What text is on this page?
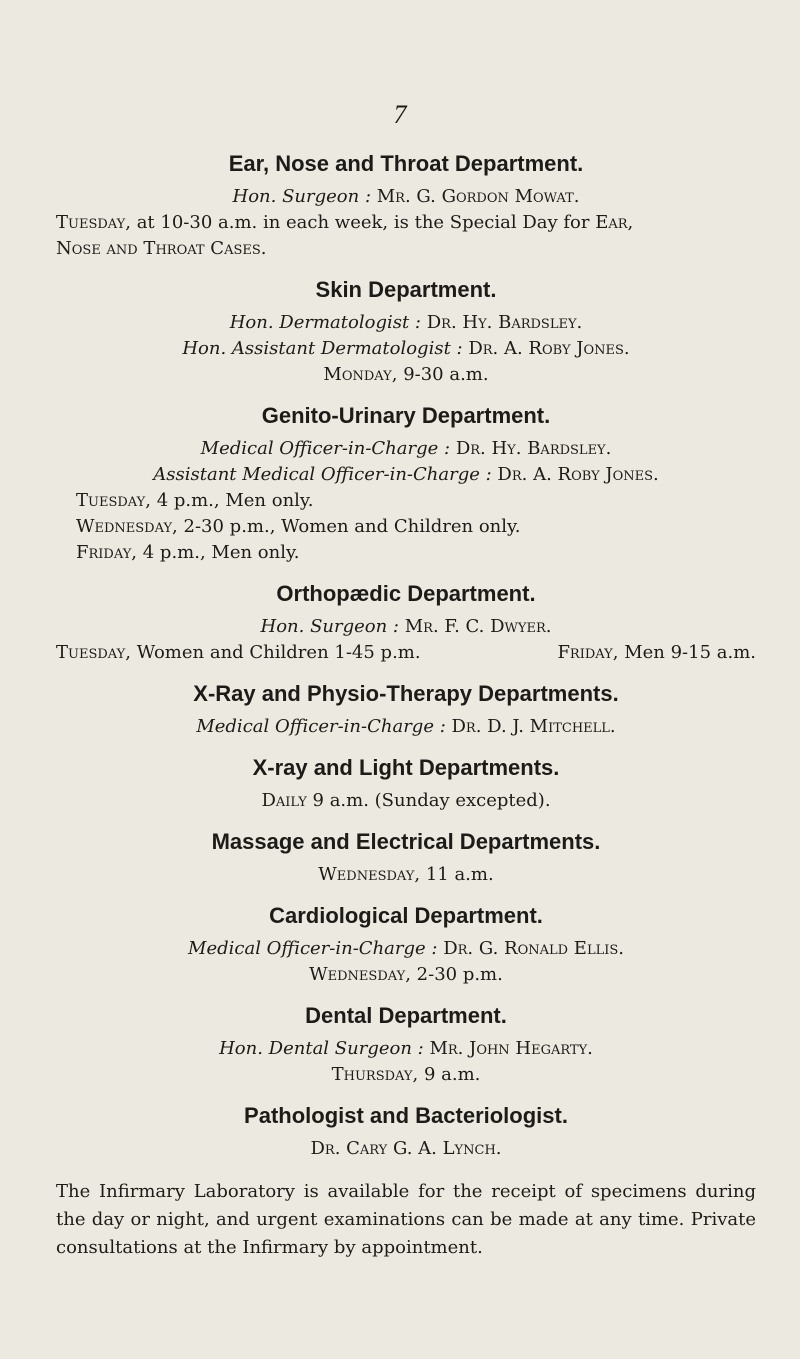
7
Ear, Nose and Throat Department.
Hon. Surgeon : Mr. G. Gordon Mowat.
Tuesday, at 10-30 a.m. in each week, is the Special Day for Ear,
Nose and Throat Cases.
Skin Department.
Hon. Dermatologist : Dr. Hy. Bardsley.
Hon. Assistant Dermatologist : Dr. A. Roby Jones.
Monday, 9-30 a.m.
Genito-Urinary Department.
Medical Officer-in-Charge : Dr. Hy. Bardsley.
Assistant Medical Officer-in-Charge : Dr. A. Roby Jones.
Tuesday, 4 p.m., Men only.
Wednesday, 2-30 p.m., Women and Children only.
Friday, 4 p.m., Men only.
Orthopædic Department.
Hon. Surgeon : Mr. F. C. Dwyer.
Tuesday, Women and Children 1-45 p.m.	Friday, Men 9-15 a.m.
X-Ray and Physio-Therapy Departments.
Medical Officer-in-Charge : Dr. D. J. Mitchell.
X-ray and Light Departments.
Daily 9 a.m. (Sunday excepted).
Massage and Electrical Departments.
Wednesday, 11 a.m.
Cardiological Department.
Medical Officer-in-Charge : Dr. G. Ronald Ellis.
Wednesday, 2-30 p.m.
Dental Department.
Hon. Dental Surgeon : Mr. John Hegarty.
Thursday, 9 a.m.
Pathologist and Bacteriologist.
Dr. Cary G. A. Lynch.
The Infirmary Laboratory is available for the receipt of specimens during the day or night, and urgent examinations can be made at any time. Private consultations at the Infirmary by appointment.
